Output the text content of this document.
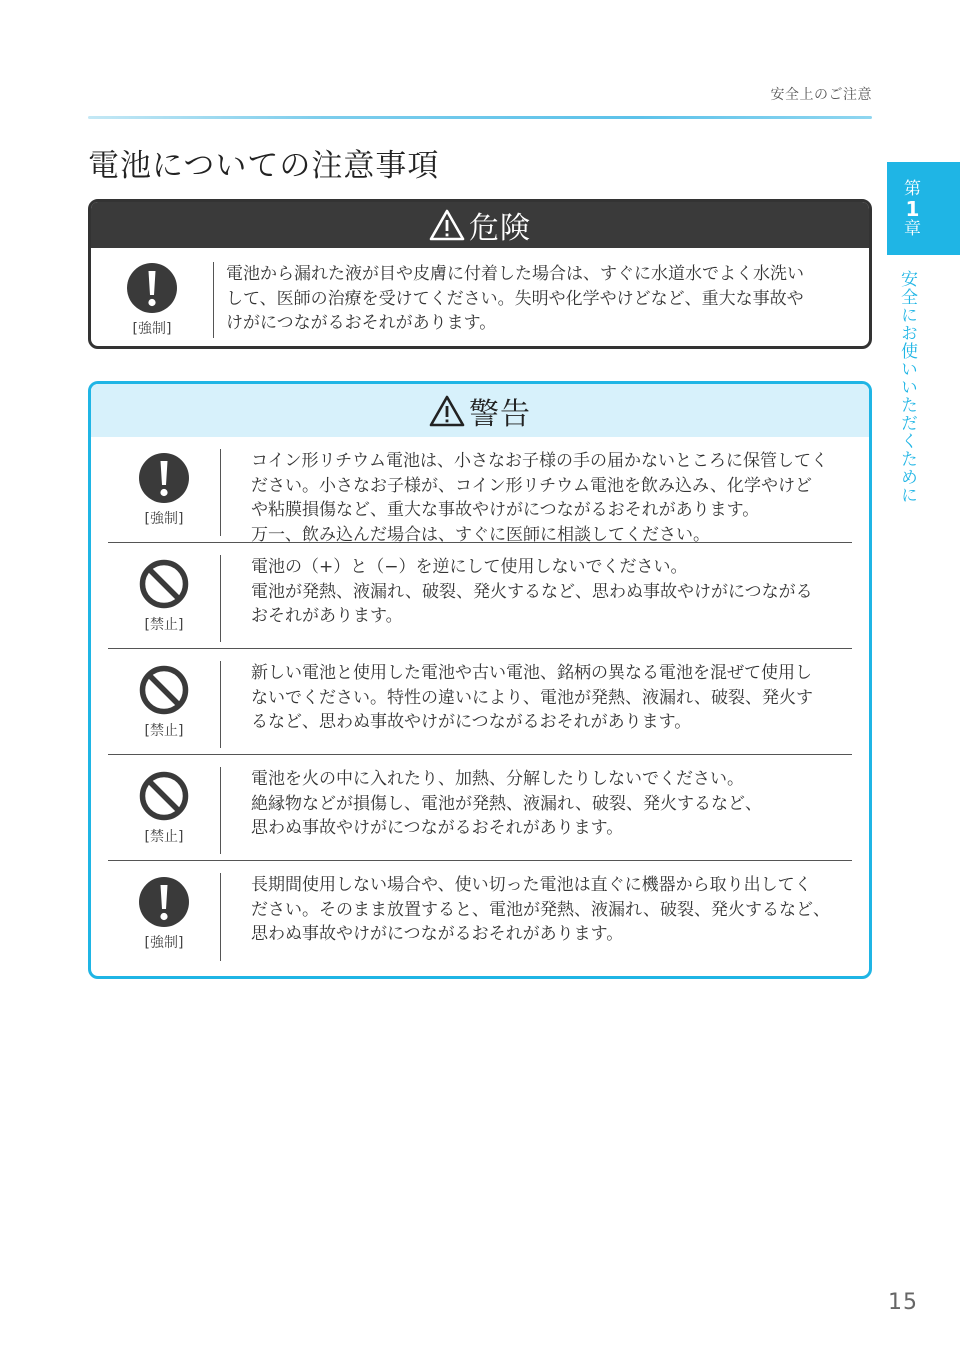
安全上のご注意
電池についての注意事項
第
1
章
安全にお使いいただくために
危険
[強制]
電池から漏れた液が目や皮膚に付着した場合は、すぐに水道水でよく水洗い
して、医師の治療を受けてください。失明や化学やけどなど、重大な事故や
けがにつながるおそれがあります。
警告
[強制]
コイン形リチウム電池は、小さなお子様の手の届かないところに保管してく
ださい。小さなお子様が、コイン形リチウム電池を飲み込み、化学やけど
や粘膜損傷など、重大な事故やけがにつながるおそれがあります。
万一、飲み込んだ場合は、すぐに医師に相談してください。
[禁止]
電池の（+）と（−）を逆にして使用しないでください。
電池が発熱、液漏れ、破裂、発火するなど、思わぬ事故やけがにつながる
おそれがあります。
[禁止]
新しい電池と使用した電池や古い電池、銘柄の異なる電池を混ぜて使用し
ないでください。特性の違いにより、電池が発熱、液漏れ、破裂、発火す
るなど、思わぬ事故やけがにつながるおそれがあります。
[禁止]
電池を火の中に入れたり、加熱、分解したりしないでください。
絶縁物などが損傷し、電池が発熱、液漏れ、破裂、発火するなど、
思わぬ事故やけがにつながるおそれがあります。
[強制]
長期間使用しない場合や、使い切った電池は直ぐに機器から取り出してく
ださい。そのまま放置すると、電池が発熱、液漏れ、破裂、発火するなど、
思わぬ事故やけがにつながるおそれがあります。
15
